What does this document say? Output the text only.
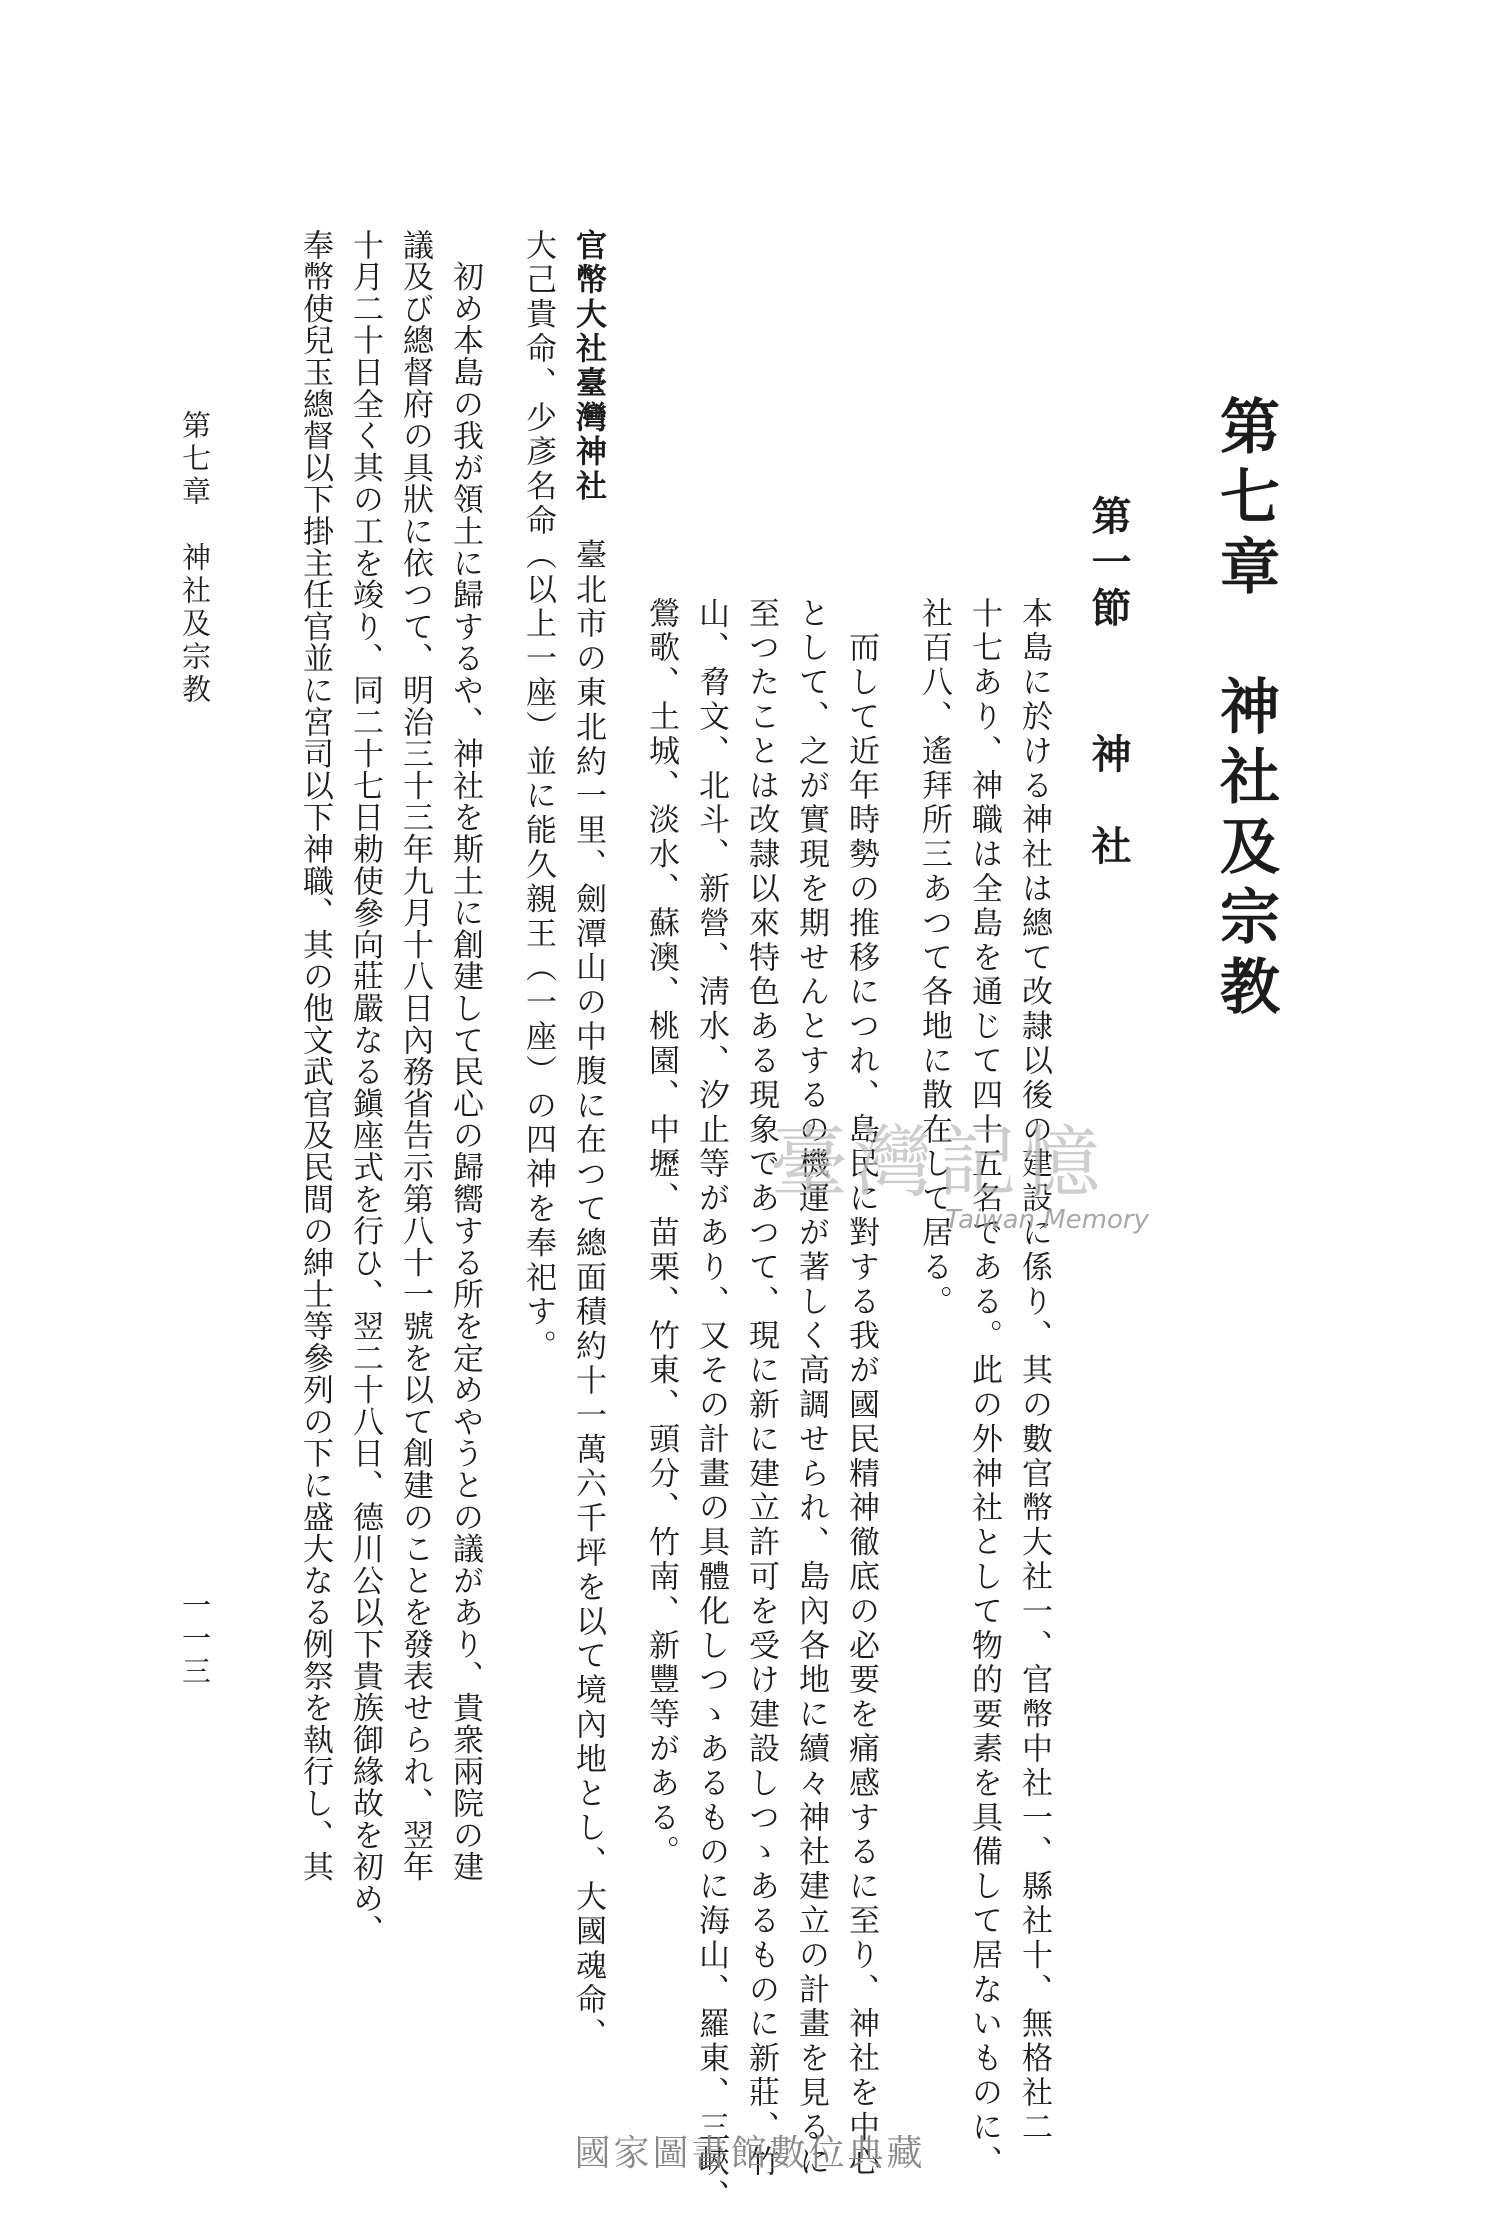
第七章　神社及宗教
第一節神　社
本島に於ける神社は總て改隷以後の建設に係り、其の數官幣大社一、官幣中社一、縣社十、無格社二
十七あり、神職は全島を通じて四十五名である。此の外神社として物的要素を具備して居ないものに、
社百八、遙拜所三あつて各地に散在して居る。
　而して近年時勢の推移につれ、島民に對する我が國民精神徹底の必要を痛感するに至り、神社を中心
として、之が實現を期せんとするの機運が著しく高調せられ、島內各地に續々神社建立の計畫を見るに
至つたことは改隷以來特色ある現象であつて、現に新に建立許可を受け建設しつゝあるものに新莊、竹
山、脅文、北斗、新營、淸水、汐止等があり、又その計畫の具體化しつゝあるものに海山、羅東、三峽、
鶯歌、土城、淡水、蘇澳、桃園、中壢、苗栗、竹東、頭分、竹南、新豐等がある。
官幣大社臺灣神社　臺北市の東北約一里、劍潭山の中腹に在つて總面積約十一萬六千坪を以て境內地とし、大國魂命、
大己貴命、少彥名命（以上一座）並に能久親王（一座）の四神を奉祀す。
　初め本島の我が領土に歸するや、神社を斯土に創建して民心の歸嚮する所を定めやうとの議があり、貴衆兩院の建
議及び總督府の具狀に依つて、明治三十三年九月十八日內務省告示第八十一號を以て創建のことを發表せられ、翌年
十月二十日全く其の工を竣り、同二十七日勅使參向莊嚴なる鎭座式を行ひ、翌二十八日、德川公以下貴族御緣故を初め、
奉幣使兒玉總督以下掛主任官並に宮司以下神職、其の他文武官及民間の紳士等參列の下に盛大なる例祭を執行し、其
第七章　神社及宗教
一一三
臺灣記憶
Taiwan Memory
國家圖書館數位典藏
